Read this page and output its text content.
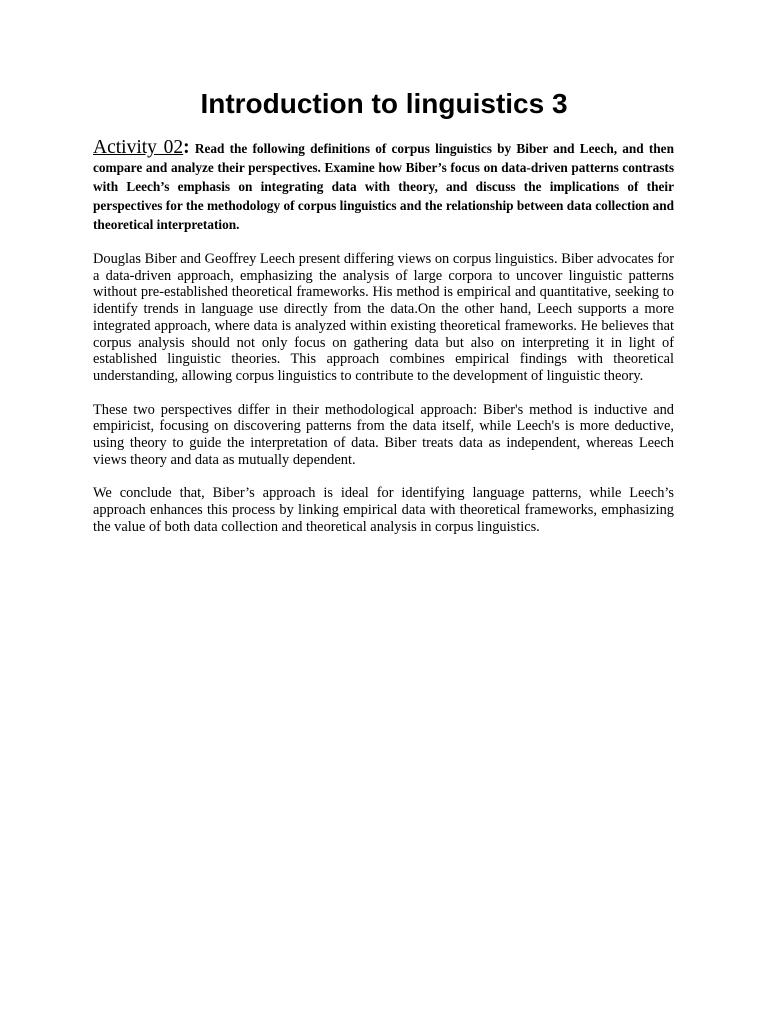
Introduction to linguistics 3

Activity 02: Read the following definitions of corpus linguistics by Biber and Leech, and then compare and analyze their perspectives. Examine how Biber’s focus on data-driven patterns contrasts with Leech’s emphasis on integrating data with theory, and discuss the implications of their perspectives for the methodology of corpus linguistics and the relationship between data collection and theoretical interpretation.

Douglas Biber and Geoffrey Leech present differing views on corpus linguistics. Biber advocates for a data-driven approach, emphasizing the analysis of large corpora to uncover linguistic patterns without pre-established theoretical frameworks. His method is empirical and quantitative, seeking to identify trends in language use directly from the data.On the other hand, Leech supports a more integrated approach, where data is analyzed within existing theoretical frameworks. He believes that corpus analysis should not only focus on gathering data but also on interpreting it in light of established linguistic theories. This approach combines empirical findings with theoretical understanding, allowing corpus linguistics to contribute to the development of linguistic theory.

These two perspectives differ in their methodological approach: Biber's method is inductive and empiricist, focusing on discovering patterns from the data itself, while Leech's is more deductive, using theory to guide the interpretation of data. Biber treats data as independent, whereas Leech views theory and data as mutually dependent.

We conclude that, Biber’s approach is ideal for identifying language patterns, while Leech’s approach enhances this process by linking empirical data with theoretical frameworks, emphasizing the value of both data collection and theoretical analysis in corpus linguistics.
